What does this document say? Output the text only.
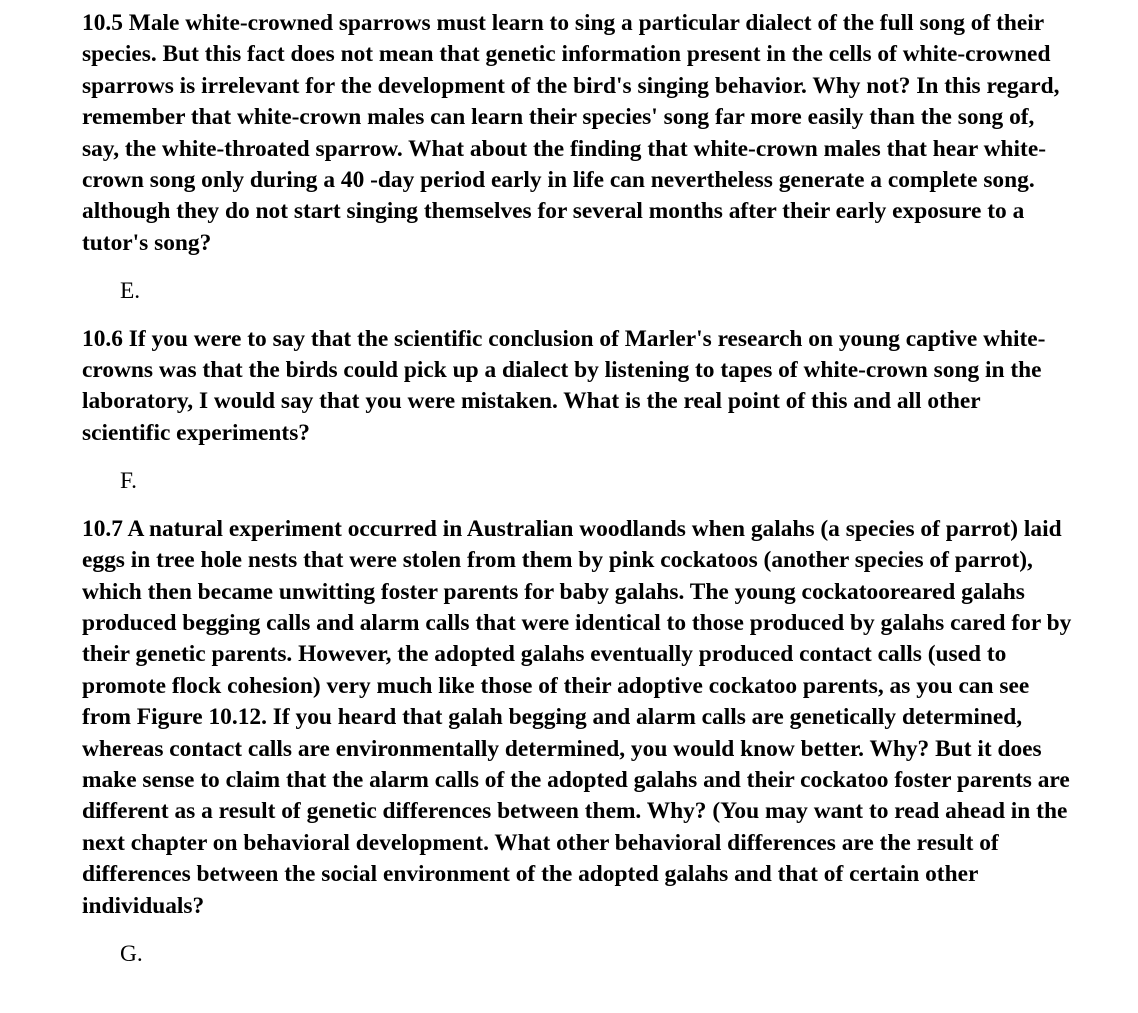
10.5 Male white-crowned sparrows must learn to sing a particular dialect of the full song of their species. But this fact does not mean that genetic information present in the cells of white-crowned sparrows is irrelevant for the development of the bird's singing behavior. Why not? In this regard, remember that white-crown males can learn their species' song far more easily than the song of, say, the white-throated sparrow. What about the finding that white-crown males that hear white-crown song only during a 40 -day period early in life can nevertheless generate a complete song. although they do not start singing themselves for several months after their early exposure to a tutor's song?

E.

10.6 If you were to say that the scientific conclusion of Marler's research on young captive white-crowns was that the birds could pick up a dialect by listening to tapes of white-crown song in the laboratory, I would say that you were mistaken. What is the real point of this and all other scientific experiments?

F.

10.7 A natural experiment occurred in Australian woodlands when galahs (a species of parrot) laid eggs in tree hole nests that were stolen from them by pink cockatoos (another species of parrot), which then became unwitting foster parents for baby galahs. The young cockatooreared galahs produced begging calls and alarm calls that were identical to those produced by galahs cared for by their genetic parents. However, the adopted galahs eventually produced contact calls (used to promote flock cohesion) very much like those of their adoptive cockatoo parents, as you can see from Figure 10.12. If you heard that galah begging and alarm calls are genetically determined, whereas contact calls are environmentally determined, you would know better. Why? But it does make sense to claim that the alarm calls of the adopted galahs and their cockatoo foster parents are different as a result of genetic differences between them. Why? (You may want to read ahead in the next chapter on behavioral development. What other behavioral differences are the result of differences between the social environment of the adopted galahs and that of certain other individuals?

G.
